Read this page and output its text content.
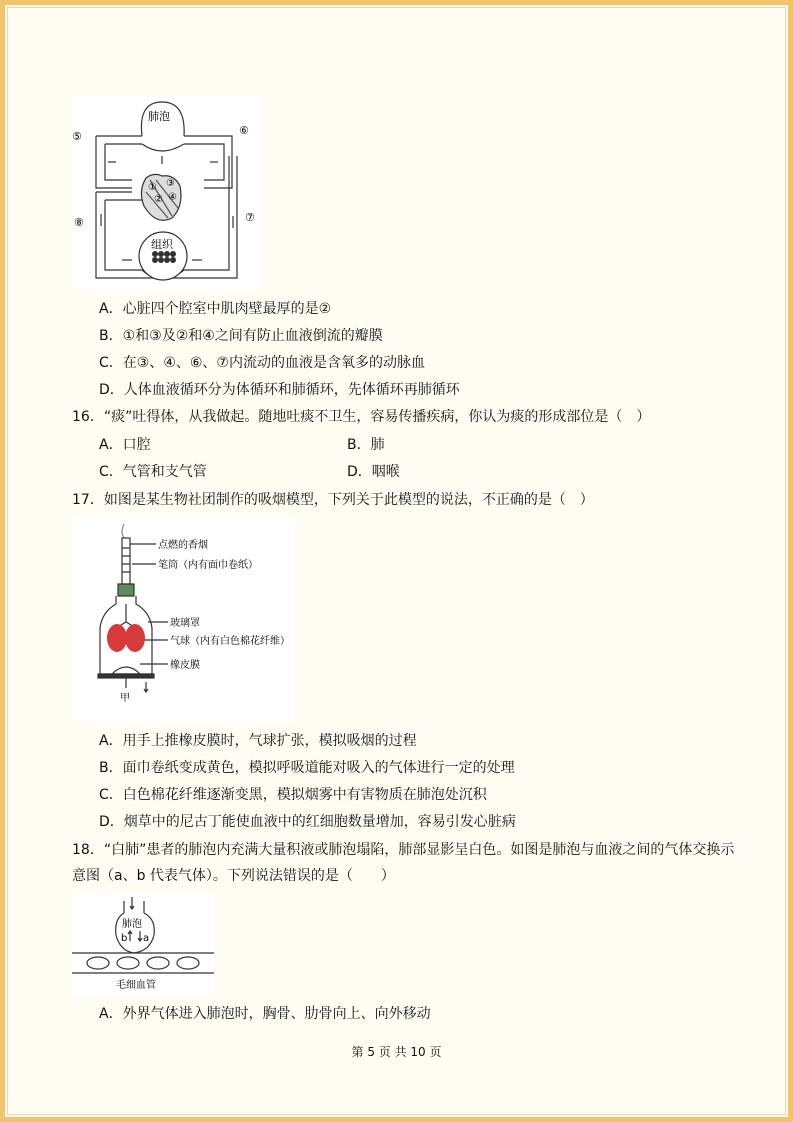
肺泡
组织
①
②
③
④
⑤	⑥
⑦
⑧
A．心脏四个腔室中肌肉壁最厚的是②
B．①和③及②和④之间有防止血液倒流的瓣膜
C．在③、④、⑥、⑦内流动的血液是含氧多的动脉血
D．人体血液循环分为体循环和肺循环，先体循环再肺循环
16．“痰”吐得体，从我做起。随地吐痰不卫生，容易传播疾病，你认为痰的形成部位是（　）
A．口腔	B．肺
C．气管和支气管	D．咽喉
17．如图是某生物社团制作的吸烟模型，下列关于此模型的说法，不正确的是（　）
点燃的香烟
笔筒（内有面巾卷纸）
玻璃罩
气球（内有白色棉花纤维）
橡皮膜
甲
A．用手上推橡皮膜时，气球扩张，模拟吸烟的过程
B．面巾卷纸变成黄色，模拟呼吸道能对吸入的气体进行一定的处理
C．白色棉花纤维逐渐变黑，模拟烟雾中有害物质在肺泡处沉积
D．烟草中的尼古丁能使血液中的红细胞数量增加，容易引发心脏病
18．“白肺”患者的肺泡内充满大量积液或肺泡塌陷，肺部显影呈白色。如图是肺泡与血液之间的气体交换示
意图（a、b 代表气体）。下列说法错误的是（　　）
肺泡
b a
毛细血管
A．外界气体进入肺泡时，胸骨、肋骨向上、向外移动
第 5 页 共 10 页
